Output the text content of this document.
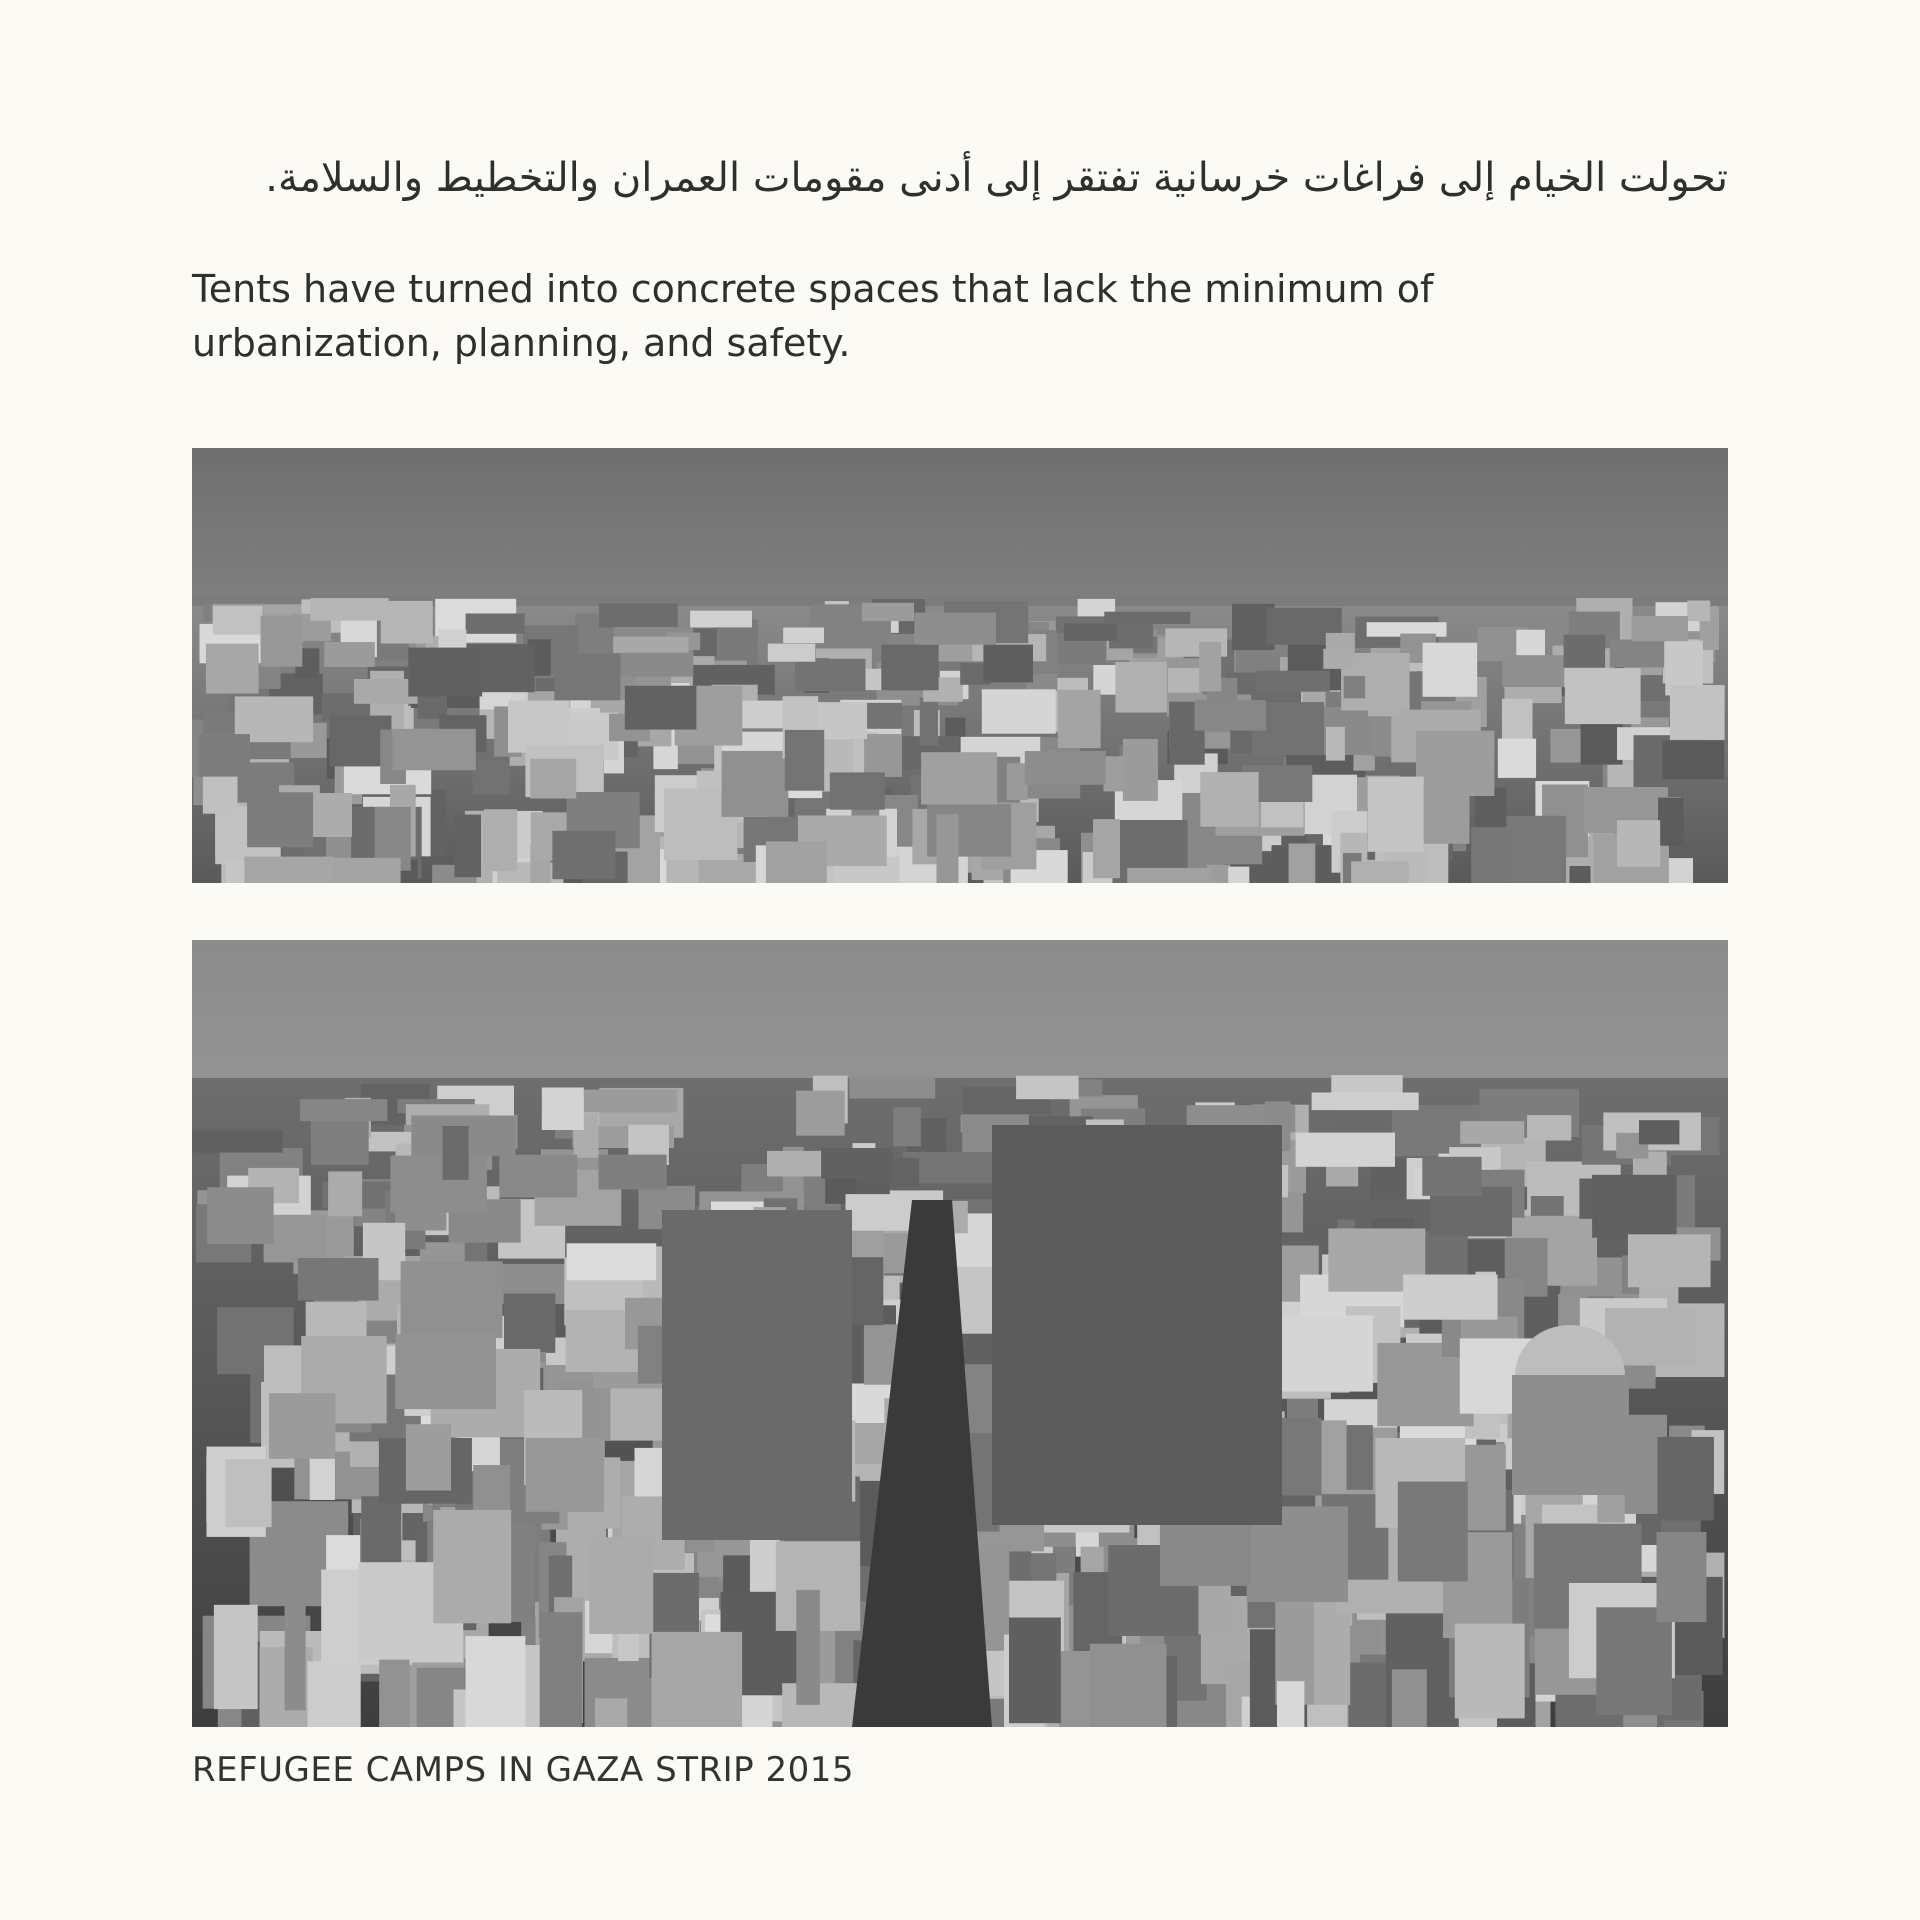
تحولت الخيام إلى فراغات خرسانية تفتقر إلى أدنى مقومات العمران والتخطيط والسلامة.

Tents have turned into concrete spaces that lack the minimum of urbanization, planning, and safety.

REFUGEE CAMPS IN GAZA STRIP 2015
